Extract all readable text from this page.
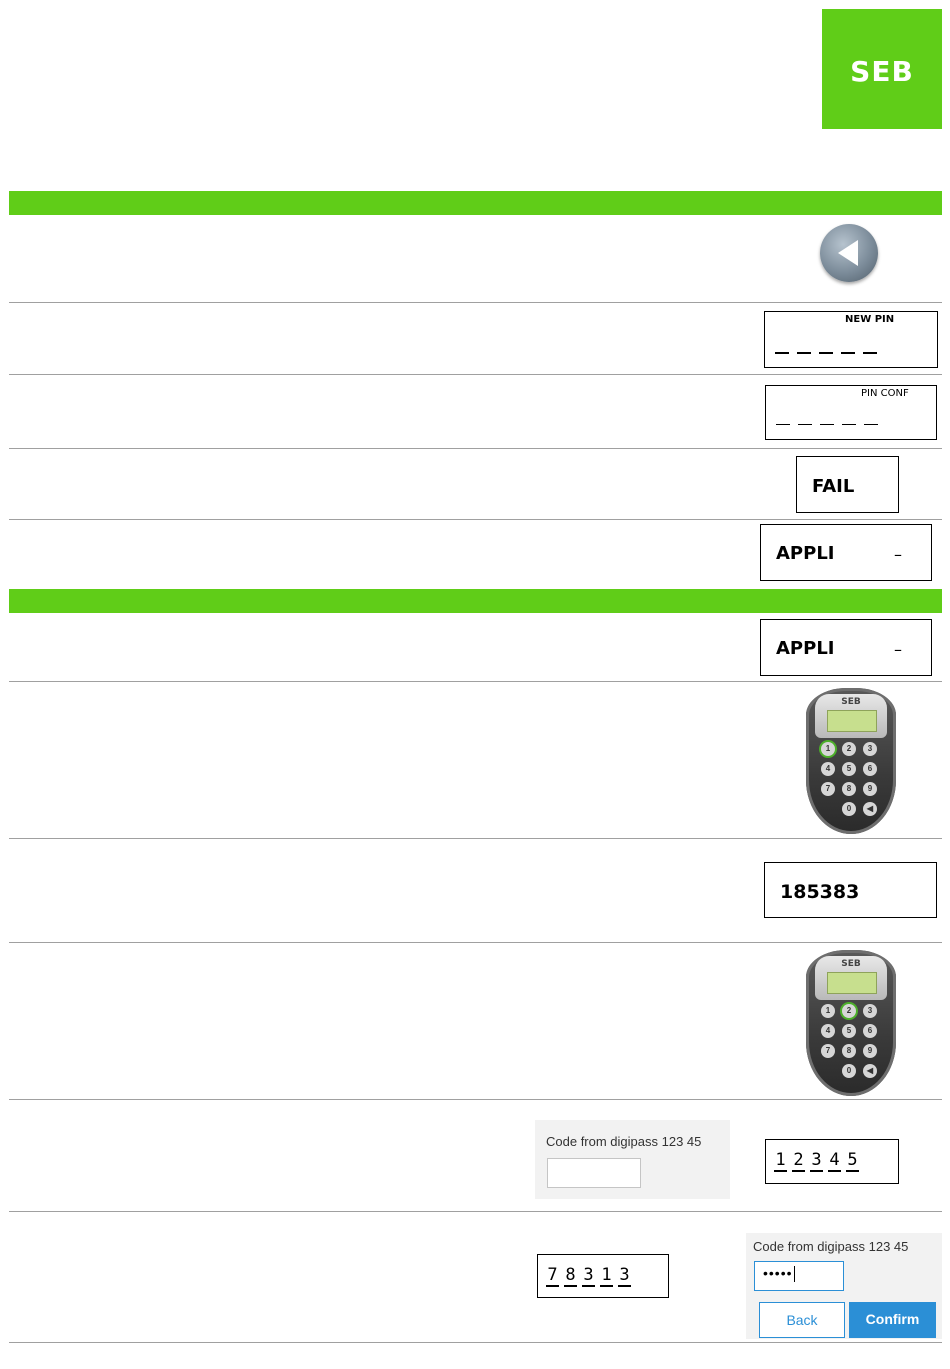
SEB
NEW PIN
PIN CONF
FAIL
APPLI	–
APPLI	–
SEB
1	2	3
4	5	6
7	8	9
0	◀
185383
SEB
1	2	3
4	5	6
7	8	9
0	◀
Code from digipass 123 45
1 2 3 4 5
7 8 3 1 3
Code from digipass 123 45
•••••
Back	Confirm
